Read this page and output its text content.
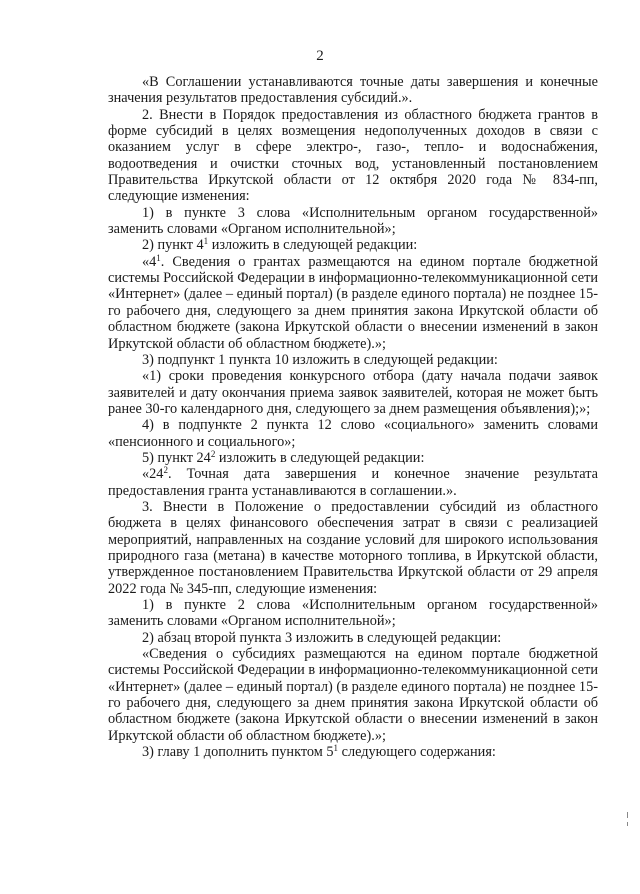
2

«В Соглашении устанавливаются точные даты завершения и конечные значения результатов предоставления субсидий.».

2. Внести в Порядок предоставления из областного бюджета грантов в форме субсидий в целях возмещения недополученных доходов в связи с оказанием услуг в сфере электро-, газо-, тепло- и водоснабжения, водоотведения и очистки сточных вод, установленный постановлением Правительства Иркутской области от 12 октября 2020 года № 834-пп, следующие изменения:

1) в пункте 3 слова «Исполнительным органом государственной» заменить словами «Органом исполнительной»;

2) пункт $4^1$ изложить в следующей редакции:

«$4^1$. Сведения о грантах размещаются на едином портале бюджетной системы Российской Федерации в информационно-телекоммуникационной сети «Интернет» (далее – единый портал) (в разделе единого портала) не позднее 15-го рабочего дня, следующего за днем принятия закона Иркутской области об областном бюджете (закона Иркутской области о внесении изменений в закон Иркутской области об областном бюджете).»;

3) подпункт 1 пункта 10 изложить в следующей редакции:

«1) сроки проведения конкурсного отбора (дату начала подачи заявок заявителей и дату окончания приема заявок заявителей, которая не может быть ранее 30-го календарного дня, следующего за днем размещения объявления);»;

4) в подпункте 2 пункта 12 слово «социального» заменить словами «пенсионного и социального»;

5) пункт $24^2$ изложить в следующей редакции:

«$24^2$. Точная дата завершения и конечное значение результата предоставления гранта устанавливаются в соглашении.».

3. Внести в Положение о предоставлении субсидий из областного бюджета в целях финансового обеспечения затрат в связи с реализацией мероприятий, направленных на создание условий для широкого использования природного газа (метана) в качестве моторного топлива, в Иркутской области, утвержденное постановлением Правительства Иркутской области от 29 апреля 2022 года № 345-пп, следующие изменения:

1) в пункте 2 слова «Исполнительным органом государственной» заменить словами «Органом исполнительной»;

2) абзац второй пункта 3 изложить в следующей редакции:

«Сведения о субсидиях размещаются на едином портале бюджетной системы Российской Федерации в информационно-телекоммуникационной сети «Интернет» (далее – единый портал) (в разделе единого портала) не позднее 15-го рабочего дня, следующего за днем принятия закона Иркутской области об областном бюджете (закона Иркутской области о внесении изменений в закон Иркутской области об областном бюджете).»;

3) главу 1 дополнить пунктом $5^1$ следующего содержания:
